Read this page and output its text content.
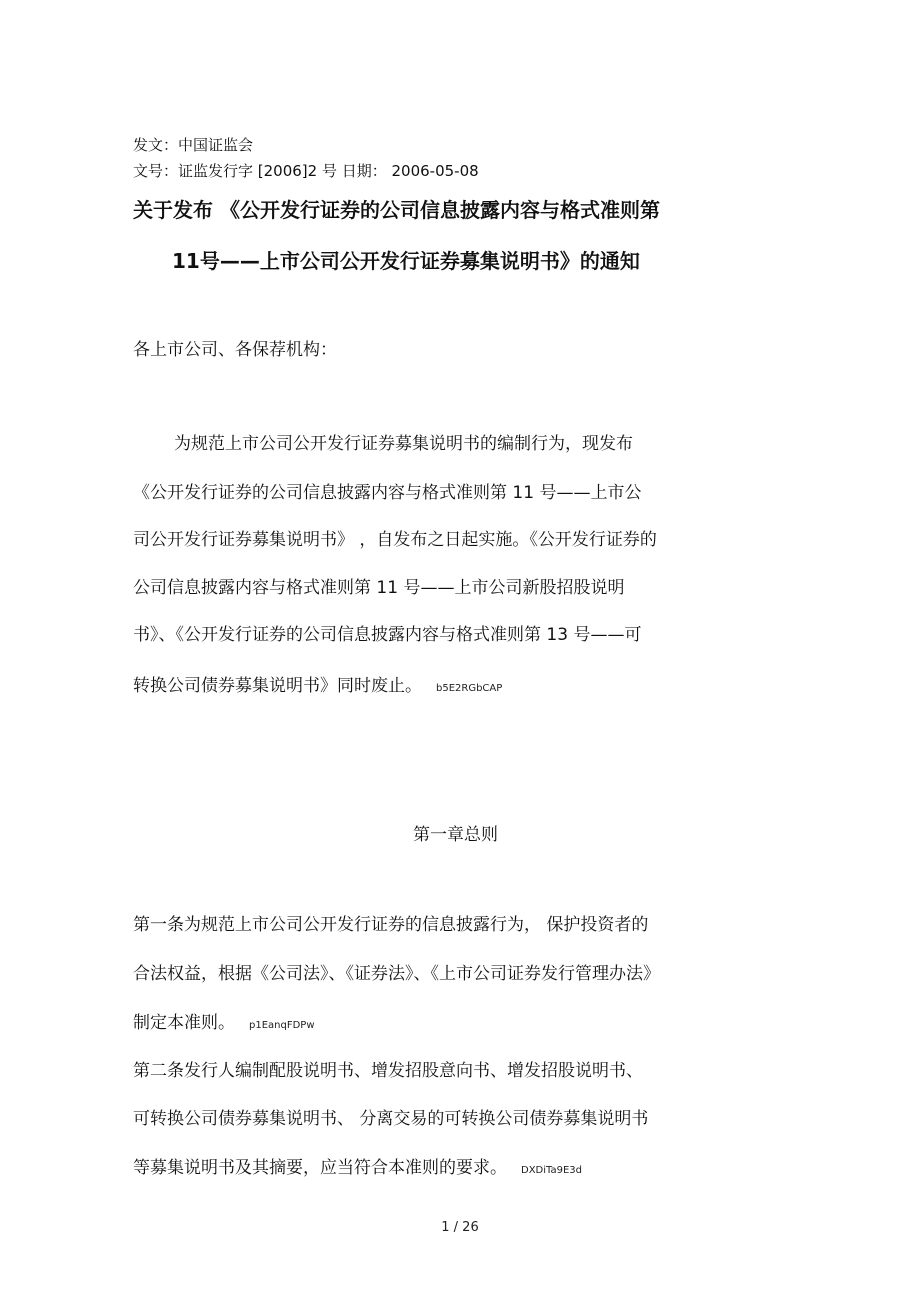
发文：中国证监会
文号：证监发行字 [2006]2 号 日期： 2006-05-08
关于发布 《公开发行证券的公司信息披露内容与格式准则第
11号——上市公司公开发行证券募集说明书》的通知
各上市公司、各保荐机构：
为规范上市公司公开发行证券募集说明书的编制行为，现发布
《公开发行证券的公司信息披露内容与格式准则第 11 号——上市公
司公开发行证券募集说明书》 ，自发布之日起实施。《公开发行证券的
公司信息披露内容与格式准则第 11 号——上市公司新股招股说明
书》、《公开发行证券的公司信息披露内容与格式准则第 13 号——可
转换公司债券募集说明书》同时废止。 b5E2RGbCAP
第一章总则
第一条为规范上市公司公开发行证券的信息披露行为， 保护投资者的
合法权益，根据《公司法》、《证券法》、《上市公司证券发行管理办法》
制定本准则。 p1EanqFDPw
第二条发行人编制配股说明书、增发招股意向书、增发招股说明书、
可转换公司债券募集说明书、 分离交易的可转换公司债券募集说明书
等募集说明书及其摘要，应当符合本准则的要求。 DXDiTa9E3d
1 / 26
